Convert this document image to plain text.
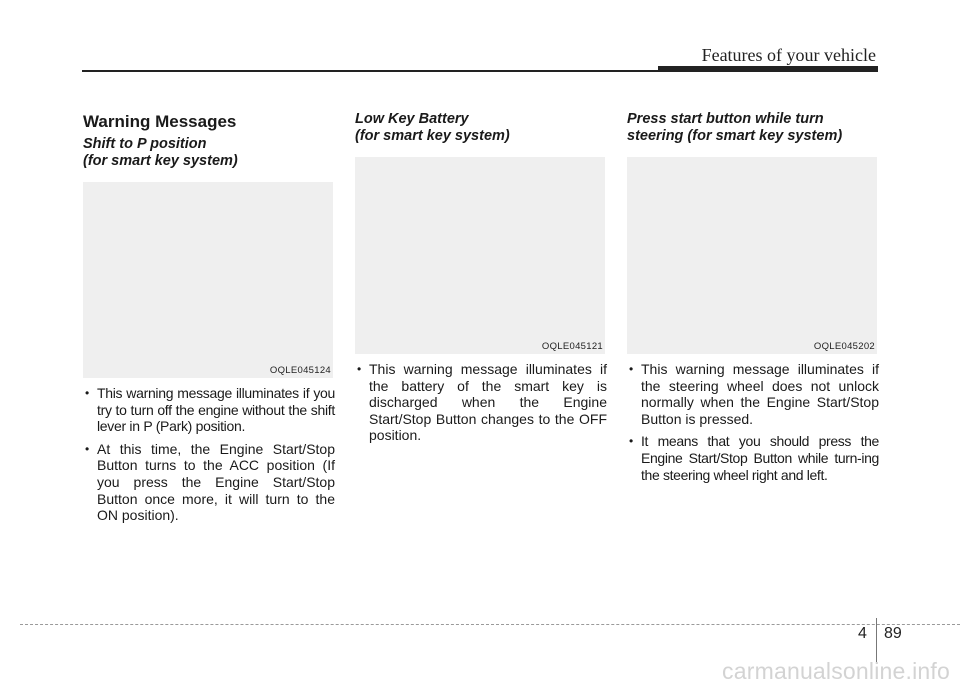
Features of your vehicle
Warning Messages
Shift to P position
(for smart key system)
OQLE045124
• This warning message illuminates if you try to turn off the engine without the shift lever in P (Park) position.
• At this time, the Engine Start/Stop Button turns to the ACC position (If you press the Engine Start/Stop Button once more, it will turn to the ON position).
Low Key Battery
(for smart key system)
OQLE045121
• This warning message illuminates if the battery of the smart key is discharged when the Engine Start/Stop Button changes to the OFF position.
Press start button while turn
steering (for smart key system)
OQLE045202
• This warning message illuminates if the steering wheel does not unlock normally when the Engine Start/Stop Button is pressed.
• It means that you should press the Engine Start/Stop Button while turn-ing the steering wheel right and left.
4 89
carmanualsonline.info
